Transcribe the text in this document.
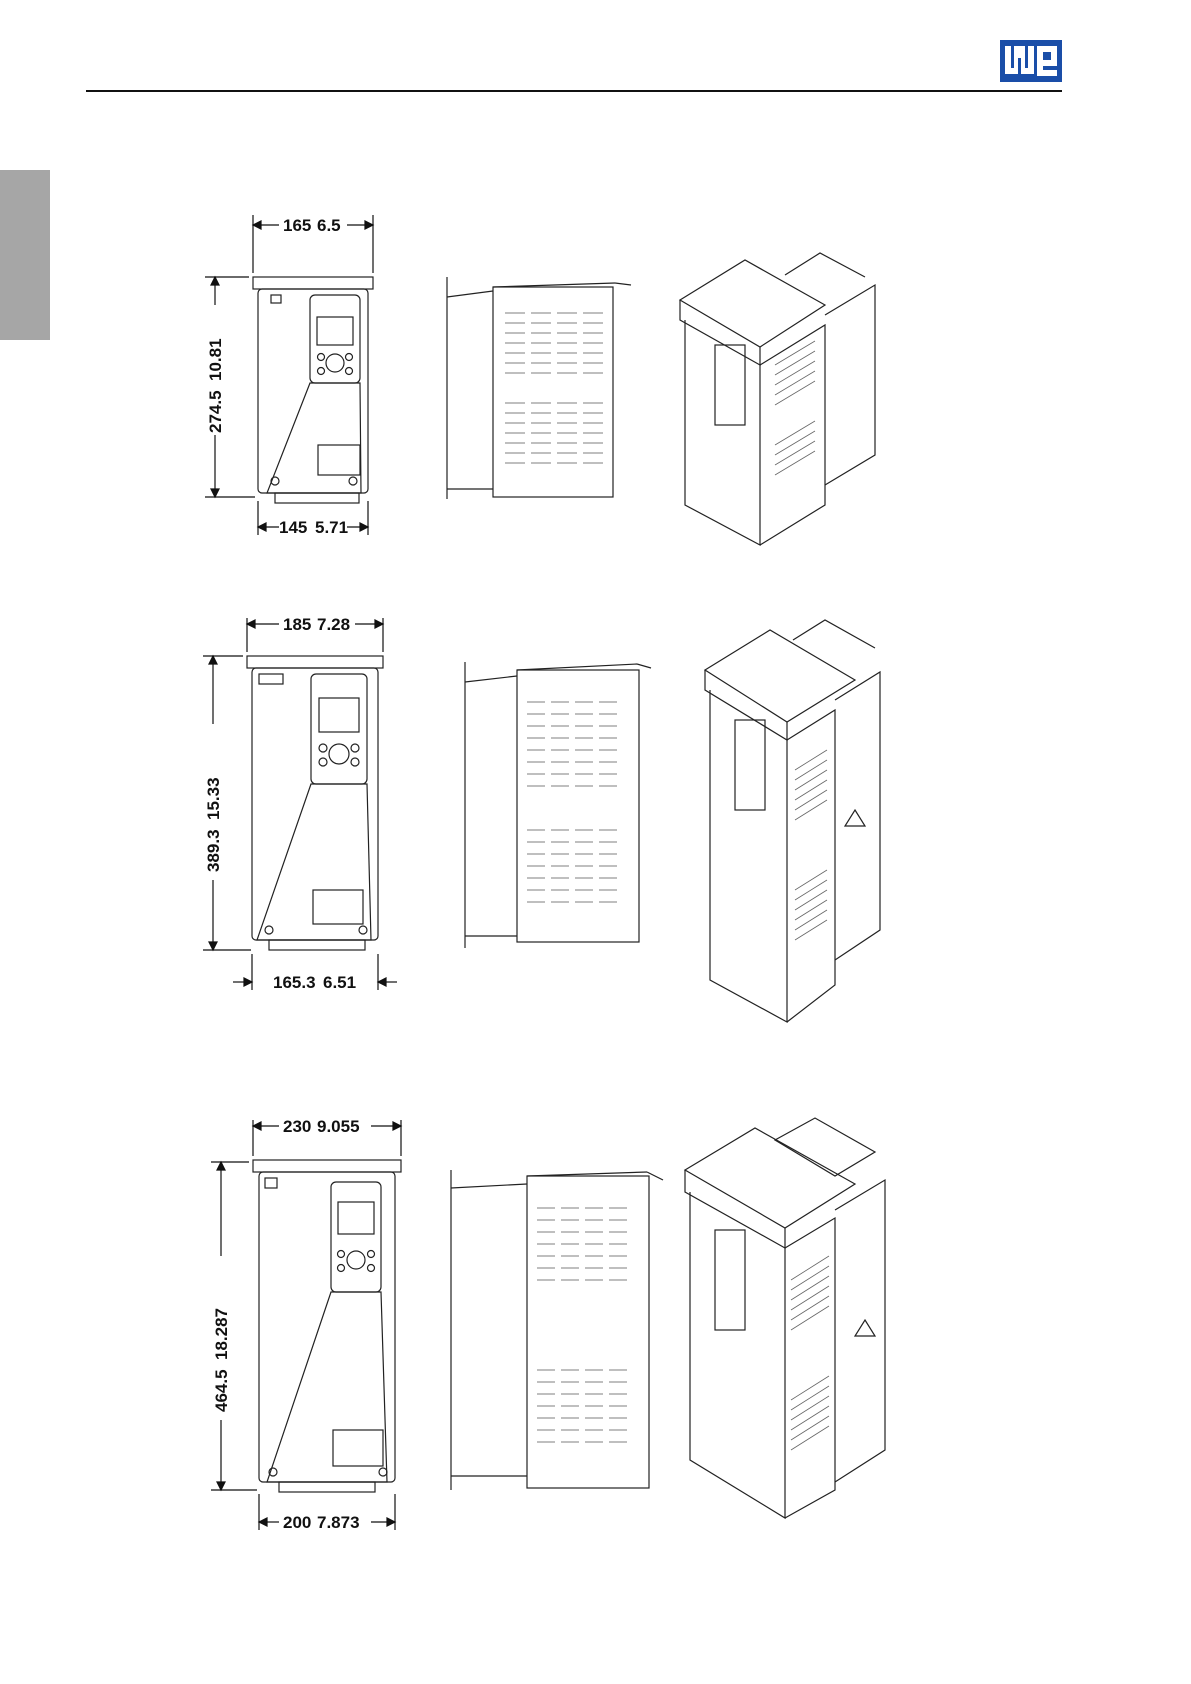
165 6.5
145 5.71
274.5
10.81
185 7.28
165.3 6.51
389.3
15.33
230 9.055
200 7.873
464.5
18.287
